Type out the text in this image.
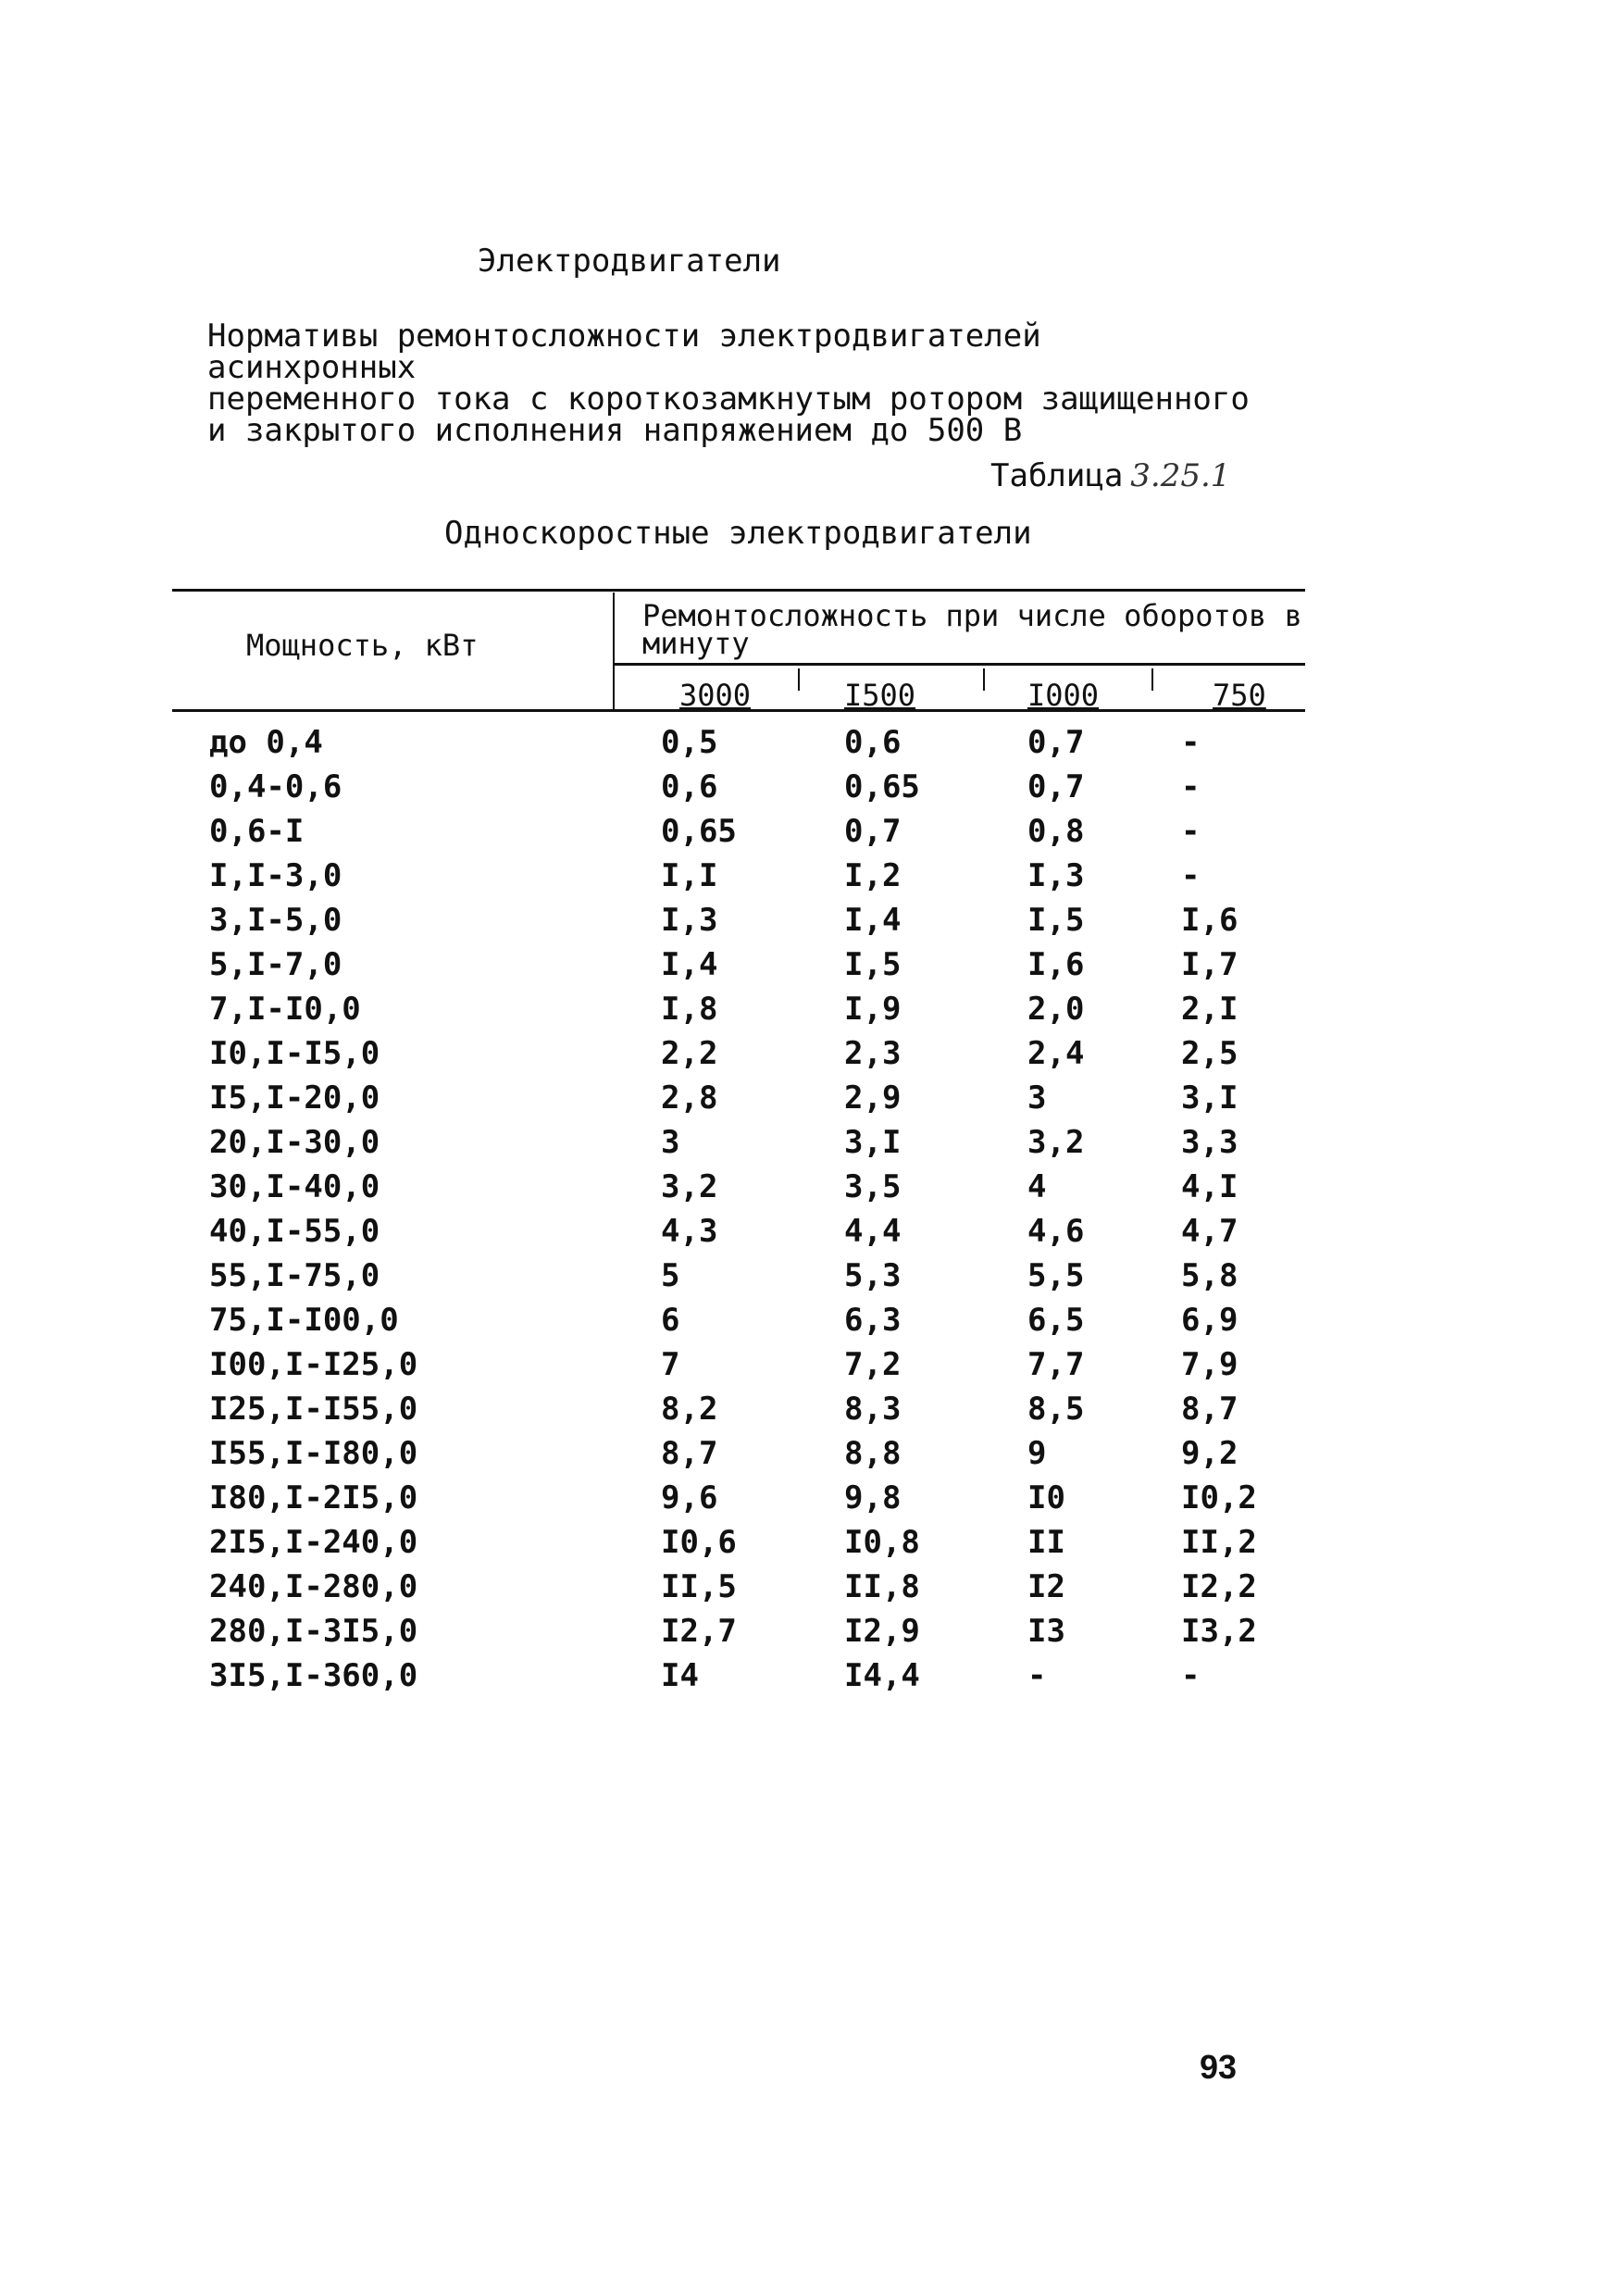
Электродвигатели
Нормативы ремонтосложности электродвигателей асинхронных
переменного тока с короткозамкнутым ротором защищенного
и закрытого исполнения напряжением до 500 В
Таблица 3.25.1
Односкоростные электродвигатели
Мощность, кВт
Ремонтосложность при числе оборотов в минуту
3000	I500	I000	750
до 0,4	0,5	0,6	0,7	-
0,4-0,6	0,6	0,65	0,7	-
0,6-I	0,65	0,7	0,8	-
I,I-3,0	I,I	I,2	I,3	-
3,I-5,0	I,3	I,4	I,5	I,6
5,I-7,0	I,4	I,5	I,6	I,7
7,I-I0,0	I,8	I,9	2,0	2,I
I0,I-I5,0	2,2	2,3	2,4	2,5
I5,I-20,0	2,8	2,9	3	3,I
20,I-30,0	3	3,I	3,2	3,3
30,I-40,0	3,2	3,5	4	4,I
40,I-55,0	4,3	4,4	4,6	4,7
55,I-75,0	5	5,3	5,5	5,8
75,I-I00,0	6	6,3	6,5	6,9
I00,I-I25,0	7	7,2	7,7	7,9
I25,I-I55,0	8,2	8,3	8,5	8,7
I55,I-I80,0	8,7	8,8	9	9,2
I80,I-2I5,0	9,6	9,8	I0	I0,2
2I5,I-240,0	I0,6	I0,8	II	II,2
240,I-280,0	II,5	II,8	I2	I2,2
280,I-3I5,0	I2,7	I2,9	I3	I3,2
3I5,I-360,0	I4	I4,4	-	-
93
